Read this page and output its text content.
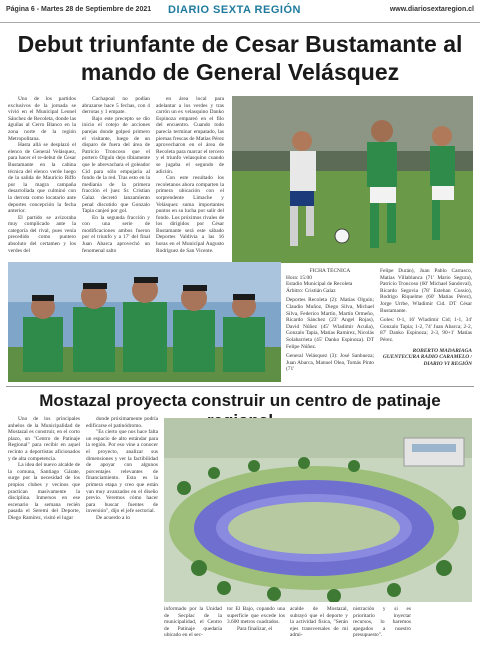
Página 6 - Martes 28 de Septiembre de 2021 DIARIO SEXTA REGIÓN	www.diariosextaregion.cl
Debut triunfante de Cesar Bustamante al mando de General Velásquez

Uno de los partidos exclusivos de la jornada se vivió en el Municipal Leonel Sánchez de Recoleta, donde las águilas al Cerro Blanco en la zona norte de la región Metropolitana.

Hasta allá se desplazó el elenco de General Velásquez, para hacer el re-debut de Cesar Bustamante en la cabina técnica del elenco verde luego de la salida de Mauricio Riffo por la magra campaña desarrollada que culminó con la derrota como locatario ante deportes concepción la fecha anterior.

El partido se avizoraba muy complicado ante la categoría del rival, pues venía precedido como puntero absoluto del certamen y los verdes del

Cachapoal no podían abrazarse hace 5 fechas, con 4 derrotas y 1 empate.

Bajo este precepto se dio inicio el cotejo de acciones parejas donde golpeó primero el visitante, luego de un disparo de fuera del área de Patricio Troncoso que el portero Olguín dejo tibiamente que le abrevachara el goleador Cid para sólo empujarla al fondo de la red. Tras esto en la mediania de la primera fracción el juez Sr. Cristian Galaz decretó lanzamiento penal discutido que Gonzalo Tapia canjeó por gol.

En la segunda fracción y con una serie de modificaciones ambos fueron por el triunfo y a 17' del final Juan Abarca aprovechó un fenomenal salto

en área local para adelantar a los verdes y tras carrón un ex velasquino Danko Espinoza empareó en el filo del encuentro. Cuando todo parecía terminar empatado, las piernas frescas de Matías Pérez aprovecharon en el área de Recoleta para marcar el tercero y el triunfo velasquino cuando se jugaba el segundo de adición.

Con este resultado los recoletanos ahora comparten la primera ubicación con el sorprendente Limache y Velásquez suma importantes puntos en su lucha por salir del fondo. Los próximos rivales de los dirigidos por César Bustamante será este sábado Deportes Valdivia a las 16 horas en el Municipal Augusto Rodríguez de San Vicente.

FICHA TÉCNICA

Hora: 15:00

Estadio Municipal de Recoleta

Árbitro: Cristián Galaz

Deportes Recoleta (2): Matías Olguín; Claudio Muñoz, Diego Silva, Michael Silva, Federico Martín, Martín Ormeño, Ricardo Sánchez (23' Angel Rojas), David Núñez (45' Wladimir Acuña), Gonzalo Tapia, Matías Ramírez, Nicolás Solabarrieta (45' Danko Espinoza). DT Felipe Núñez.

General Velásquez (3): José Sanhueza; Juan Abarca, Manuel Olea, Tomás Pinto (71'

Felipe Durán), Juan Pablo Carrasco, Matías Villablanca (71' Mario Segura), Patricio Troncoso (60' Michael Sandoval), Ricardo Segovia (78' Esteban Cossio), Rodrigo Riquelme (60' Matías Pérez), Jorge Urrbe, Wladimir Cid. DT César Bustamante.

Goles: 0-1, 16' Wladimir Cid; 1-1, 34' Gonzalo Tapia; 1-2, 74' Juan Abarca; 2-2, 87' Danko Espinoza; 2-3, 90+1' Matías Pérez.

ROBERTO MADARIAGA GUENTECURA RADIO CARAMELO / DIARIO VI REGIÓN

Mostazal proyecta construir un centro de patinaje

Uno de los principales anhelos de la Municipalidad de Mostazal es construir, en el corto plazo, un "Centro de Patinaje Regional" para recibir en aquel recinto a deportistas aficionados y de alta competencia.

La idea del nuevo alcalde de la comuna, Santiago Gárate, surge por la necesidad de los propios clubes y vecinos que practican masivamente la disciplina. Inmersos en ese escenario la semana recién pasada el Seremi del Deporte, Diego Ramírez, visitó el lugar

donde próximamente podría edificarse el patinódromo.

"Es cierto que nos hace falta un espacio de alto estándar para la región. Por eso vine a conocer el proyecto, analizar sus dimensiones y ver la factibilidad de apoyar con algunos porcentajes relevantes de financiamiento. Esta es la primera etapa y creo que están van muy avanzados en el diseño previo. Veremos cómo hacer para buscar fuentes de inversión", dijo el jefe sectorial.

De acuerdo a lo

informado por la Unidad de Secplac de la municipalidad, el Centro de Patinaje quedaría ubicado en el sec-

tor El Bajo, copando una superficie que excede los 3.600 metros cuadrados.

Para finalizar, el

acalde de Mostazal, subrayó que el deporte y la actividad física, "Serán ejes transversales de mi admi-

nistración y si es prioritario inyectar recursos, lo haremos apegados a nuestro presupuesto".
